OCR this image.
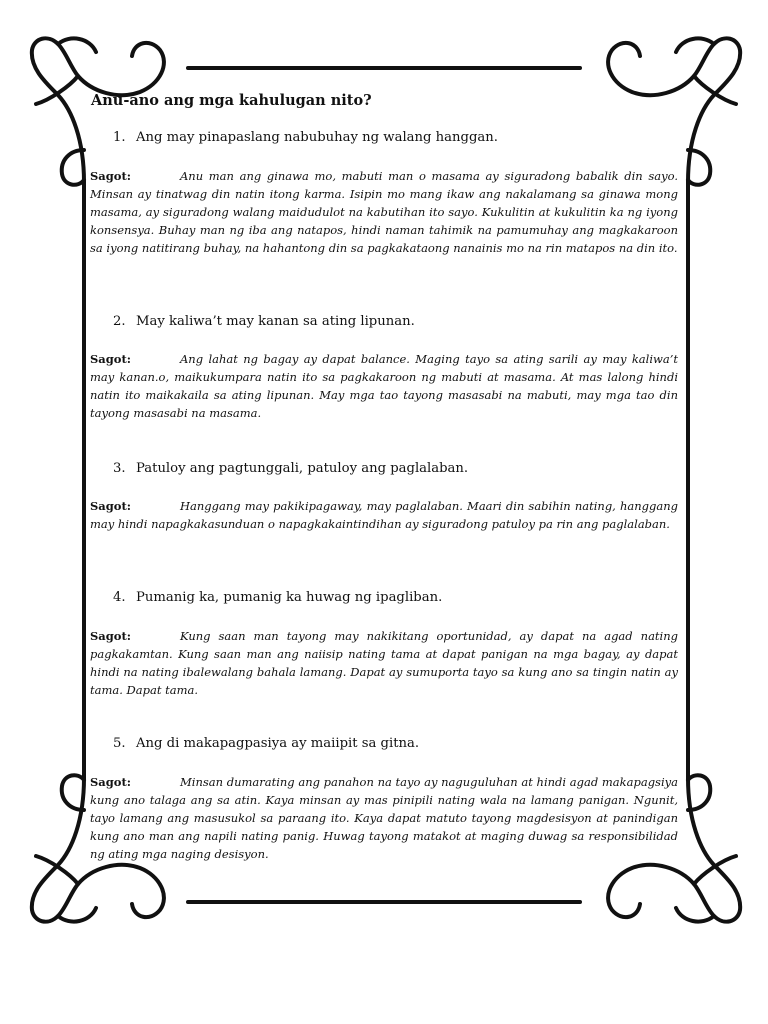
Anu-ano ang mga kahulugan nito?
1. Ang may pinapaslang nabubuhay ng walang hanggan.
Sagot:	Anu man ang ginawa mo, mabuti man o masama ay siguradong babalik din sayo. Minsan ay tinatwag din natin itong karma. Isipin mo mang ikaw ang nakalamang sa ginawa mong masama, ay siguradong walang maidudulot na kabutihan ito sayo. Kukulitin at kukulitin ka ng iyong konsensya. Buhay man ng iba ang natapos, hindi naman tahimik na pamumuhay ang magkakaroon sa iyong natitirang buhay, na hahantong din sa pagkakataong nanainis mo na rin matapos na din ito.
2. May kaliwa’t may kanan sa ating lipunan.
Sagot:	Ang lahat ng bagay ay dapat balance. Maging tayo sa ating sarili ay may kaliwa’t may kanan.o, maikukumpara natin ito sa pagkakaroon ng mabuti at masama. At mas lalong hindi natin ito maikakaila sa ating lipunan. May mga tao tayong masasabi na mabuti, may mga tao din tayong masasabi na masama.
3. Patuloy ang pagtunggali, patuloy ang paglalaban.
Sagot:	Hanggang may pakikipagaway, may paglalaban. Maari din sabihin nating, hanggang may hindi napagkakasunduan o napagkakaintindihan ay siguradong patuloy pa rin ang paglalaban.
4. Pumanig ka, pumanig ka huwag ng ipagliban.
Sagot:	Kung saan man tayong may nakikitang oportunidad, ay dapat na agad nating pagkakamtan. Kung saan man ang naiisip nating tama at dapat panigan na mga bagay, ay dapat hindi na nating ibalewalang bahala lamang. Dapat ay sumuporta tayo sa kung ano sa tingin natin ay tama. Dapat tama.
5. Ang di makapagpasiya ay maiipit sa gitna.
Sagot:	Minsan dumarating ang panahon na tayo ay naguguluhan at hindi agad makapagsiya kung ano talaga ang sa atin. Kaya minsan ay mas pinipili nating wala na lamang panigan. Ngunit, tayo lamang ang masusukol sa paraang ito. Kaya dapat matuto tayong magdesisyon at panindigan kung ano man ang napili nating panig. Huwag tayong matakot at maging duwag sa responsibilidad ng ating mga naging desisyon.
